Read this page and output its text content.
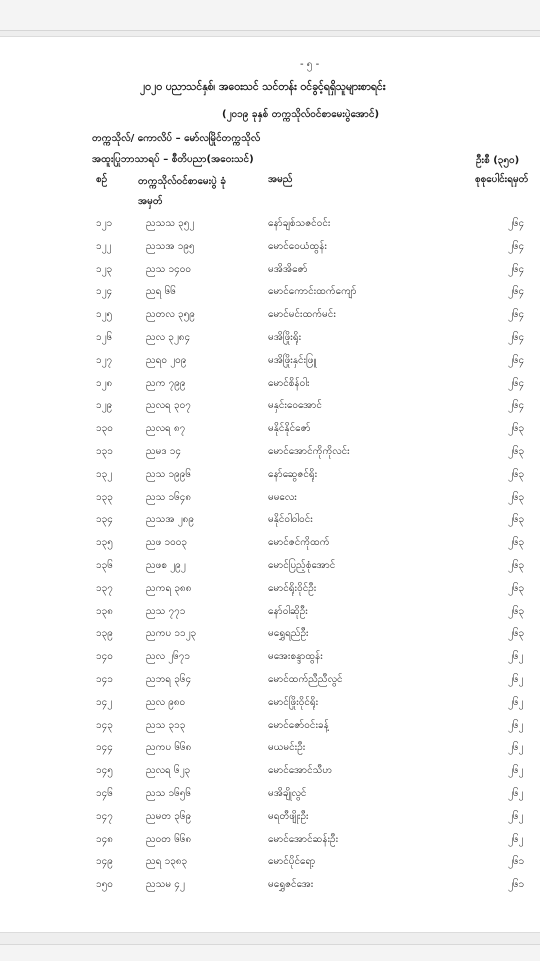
- ၅ -
၂၀၂၀ ပညာသင်နှစ်၊ အဝေးသင် သင်တန်း ဝင်ခွင့်ရရှိသူများစာရင်း
(၂၀၁၉ ခုနှစ် တက္ကသိုလ်ဝင်စာမေးပွဲအောင်)
တက္ကသိုလ်/ ကောလိပ် – မော်လမြိုင်တက္ကသိုလ်
အထူးပြုဘာသာရပ် – စီတိပညာ(အဝေးသင်)	ဦးစီ (၃၅၀)
စဉ်	တက္ကသိုလ်ဝင်စာမေးပွဲ ခုံအမှတ်
အမည်	စုစုပေါင်းရမှတ်
၁၂၁	ညသသ ၃၅၂	နော်ချစ်သဇင်ဝင်း	၂၆၄
၁၂၂	ညသအ ၁၉၅	မောင်ဝေယံထွန်း	၂၆၄
၁၂၃	ညသ ၁၄၀၀	မအိအိဇော်	၂၆၄
၁၂၄	ညရ ၆၆	မောင်ကောင်းထက်ကျော်	၂၆၄
၁၂၅	ညတလ ၃၅၉	မောင်မင်းထက်မင်း	၂၆၄
၁၂၆	ညလ ၃၂၈၄	မအိဖြိုးရိုး	၂၆၄
၁၂၇	ညရ၀ ၂၀၉	မအိဖြိုးနှင်းဖြူ	၂၆၄
၁၂၈	ညက ၇၉၉	မောင်စိန်ဝါး	၂၆၄
၁၂၉	ညလရ ၃၀၇	မနှင်းဝေအောင်	၂၆၄
၁၃၀	ညလရ ၈၇	မနိုင်နိုင်ဇော်	၂၆၃
၁၃၁	ညမဒ ၁၄	မောင်အောင်ကိုကိုလင်း	၂၆၃
၁၃၂	ညသ ၁၉၉၆	နော်ဆွေဇင်ရိုး	၂၆၃
၁၃၃	ညသ ၁၆၄၈	မမလေး	၂၆၃
၁၃၄	ညသအ ၂၈၉	မနိုင်ဝါဝါဝင်း	၂၆၃
၁၃၅	ညဖ ၁၀၀၃	မောင်ဇင်ကိုထက်	၂၆၃
၁၃၆	ညဖစ ၂၉၂	မောင်ပြည့်စုံအောင်	၂၆၃
၁၃၇	ညကရ ၃၈၈	မောင်ရိုးဝိုင်ဦး	၂၆၃
၁၃၈	ညသ ၇၇၁	နော်ဝါဆိုဦး	၂၆၃
၁၃၉	ညကပ ၁၁၂၃	မရွှေရည်ဦး	၂၆၃
၁၄၀	ညလ ၂၆၇၁	မအေးစန္ဒာထွန်း	၂၆၂
၁၄၁	ညဘရ ၃၆၄	မောင်ထက်ညီညီလွင်	၂၆၂
၁၄၂	ညလ ၉၈၀	မောင်ဖြိုးဝိုင်ရိုး	၂၆၂
၁၄၃	ညသ ၃၁၃	မောင်ဇော်ဝင်းခန့်	၂၆၂
၁၄၄	ညကပ ၆၆၈	မယမင်းဦး	၂၆၂
၁၄၅	ညလရ ၆၂၃	မောင်အောင်သီဟ	၂၆၂
၁၄၆	ညသ ၁၆၅၆	မအိချိုလွင်	၂၆၂
၁၄၇	ညမတ ၃၆၉	မရတီဖျိုးဦး	၂၆၂
၁၄၈	ညဝတ ၆၆၈	မောင်အောင်ဆန်းဦး	၂၆၂
၁၄၉	ညရ ၁၃၈၃	မောင်ပိုင်ရော့	၂၆၁
၁၅၀	ညသမ ၄၂	မရွှေဇင်အေး	၂၆၁
